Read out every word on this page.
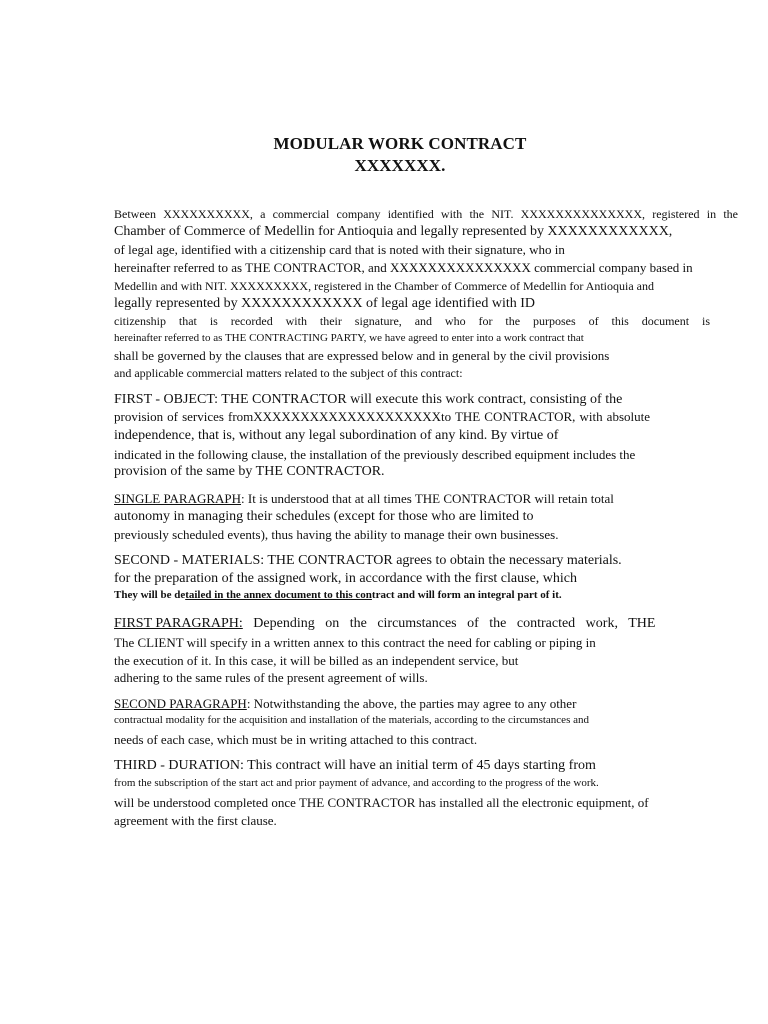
MODULAR WORK CONTRACT
XXXXXXX.
Between XXXXXXXXXX, a commercial company identified with the NIT. XXXXXXXXXXXXXX, registered in the
Chamber of Commerce of Medellin for Antioquia and legally represented by XXXXXXXXXXXX,
of legal age, identified with a citizenship card that is noted with their signature, who in
hereinafter referred to as THE CONTRACTOR, and XXXXXXXXXXXXXXX commercial company based in
Medellin and with NIT. XXXXXXXXX, registered in the Chamber of Commerce of Medellin for Antioquia and
legally represented by XXXXXXXXXXXX of legal age identified with ID
citizenship that is recorded with their signature, and who for the purposes of this document is
hereinafter referred to as THE CONTRACTING PARTY, we have agreed to enter into a work contract that
shall be governed by the clauses that are expressed below and in general by the civil provisions
and applicable commercial matters related to the subject of this contract:
FIRST - OBJECT: THE CONTRACTOR will execute this work contract, consisting of the
provision of services fromXXXXXXXXXXXXXXXXXXXXto THE CONTRACTOR, with absolute
independence, that is, without any legal subordination of any kind. By virtue of
indicated in the following clause, the installation of the previously described equipment includes the
provision of the same by THE CONTRACTOR.
SINGLE PARAGRAPH: It is understood that at all times THE CONTRACTOR will retain total
autonomy in managing their schedules (except for those who are limited to
previously scheduled events), thus having the ability to manage their own businesses.
SECOND - MATERIALS: THE CONTRACTOR agrees to obtain the necessary materials.
for the preparation of the assigned work, in accordance with the first clause, which
They will be detailed in the annex document to this contract and will form an integral part of it.
FIRST PARAGRAPH: Depending on the circumstances of the contracted work, THE
The CLIENT will specify in a written annex to this contract the need for cabling or piping in
the execution of it. In this case, it will be billed as an independent service, but
adhering to the same rules of the present agreement of wills.
SECOND PARAGRAPH: Notwithstanding the above, the parties may agree to any other
contractual modality for the acquisition and installation of the materials, according to the circumstances and
needs of each case, which must be in writing attached to this contract.
THIRD - DURATION: This contract will have an initial term of 45 days starting from
from the subscription of the start act and prior payment of advance, and according to the progress of the work.
will be understood completed once THE CONTRACTOR has installed all the electronic equipment, of
agreement with the first clause.
